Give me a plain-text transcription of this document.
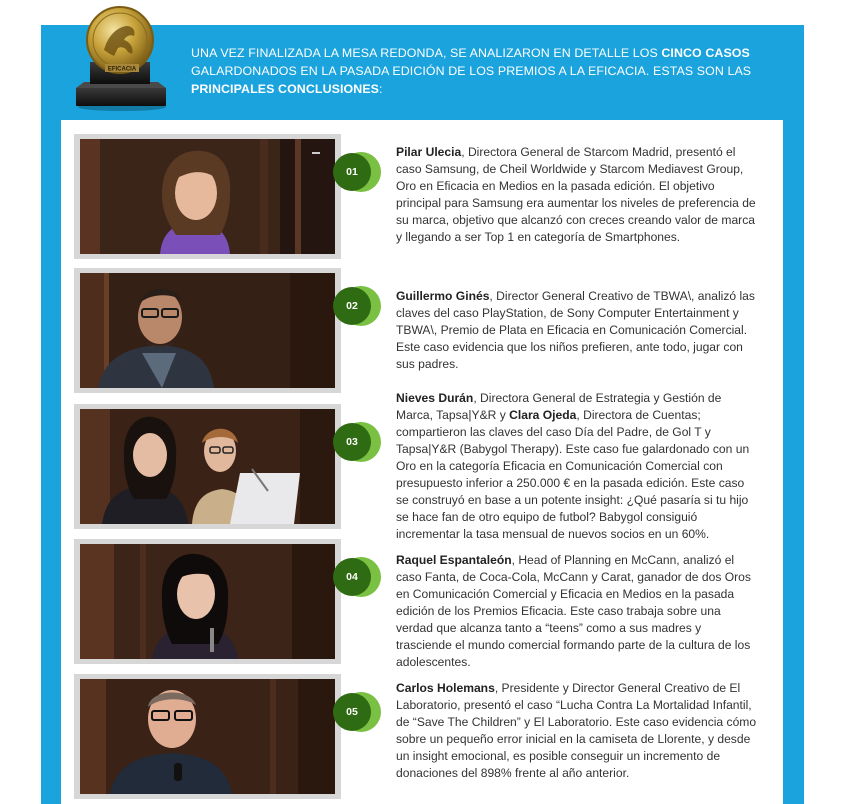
EFICACIA
UNA VEZ FINALIZADA LA MESA REDONDA, SE ANALIZARON EN DETALLE LOS CINCO CASOS GALARDONADOS EN LA PASADA EDICIÓN DE LOS PREMIOS A LA EFICACIA. ESTAS SON LAS PRINCIPALES CONCLUSIONES:
01
Pilar Ulecia, Directora General de Starcom Madrid, presentó el caso Samsung, de Cheil Worldwide y Starcom Mediavest Group, Oro en Eficacia en Medios en la pasada edición. El objetivo principal para Samsung era aumentar los niveles de preferencia de su marca, objetivo que alcanzó con creces creando valor de marca y llegando a ser Top 1 en categoría de Smartphones.
02
Guillermo Ginés, Director General Creativo de TBWA\, analizó las claves del caso PlayStation, de Sony Computer Entertainment y TBWA\, Premio de Plata en Eficacia en Comunicación Comercial. Este caso evidencia que los niños prefieren, ante todo, jugar con sus padres.
03
Nieves Durán, Directora General de Estrategia y Gestión de Marca, Tapsa|Y&R y Clara Ojeda, Directora de Cuentas; compartieron las claves del caso Día del Padre, de Gol T y Tapsa|Y&R (Babygol Therapy). Este caso fue galardonado con un Oro en la categoría Eficacia en Comunicación Comercial con presupuesto inferior a 250.000 € en la pasada edición. Este caso se construyó en base a un potente insight: ¿Qué pasaría si tu hijo se hace fan de otro equipo de futbol? Babygol consiguió incrementar la tasa mensual de nuevos socios en un 60%.
04
Raquel Espantaleón, Head of Planning en McCann, analizó el caso Fanta, de Coca-Cola, McCann y Carat, ganador de dos Oros en Comunicación Comercial y Eficacia en Medios en la pasada edición de los Premios Eficacia. Este caso trabaja sobre una verdad que alcanza tanto a “teens” como a sus madres y trasciende el mundo comercial formando parte de la cultura de los adolescentes.
05
Carlos Holemans, Presidente y Director General Creativo de El Laboratorio, presentó el caso “Lucha Contra La Mortalidad Infantil, de “Save The Children” y El Laboratorio. Este caso evidencia cómo sobre un pequeño error inicial en la camiseta de Llorente, y desde un insight emocional, es posible conseguir un incremento de donaciones del 898% frente al año anterior.
